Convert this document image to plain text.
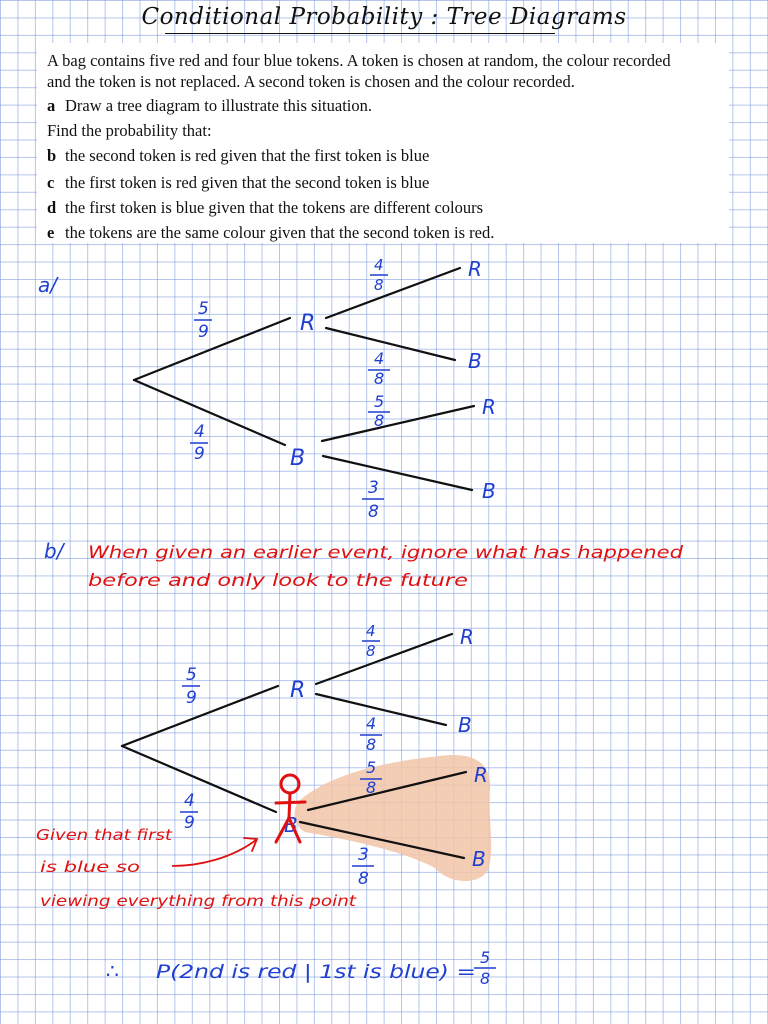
Conditional Probability : Tree Diagrams
A bag contains five red and four blue tokens. A token is chosen at random, the colour recorded
and the token is not replaced. A second token is chosen and the colour recorded.
a Draw a tree diagram to illustrate this situation.
Find the probability that:
b the second token is red given that the first token is blue
c the first token is red given that the second token is blue
d the first token is blue given that the tokens are different colours
e the tokens are the same colour given that the second token is red.
a/
5
9
4
9
R
B
4
8
4
8
R
B
5
8
3
8
R
B
b/ When given an earlier event, ignore what has happened
before and only look to the future
5
9
4
9
R
B
4
8
4
8
R
B
5
8
3
8
R
B
Given that first
is blue so
viewing everything from this point
∴ P(2nd is red | 1st is blue) =
5
8
